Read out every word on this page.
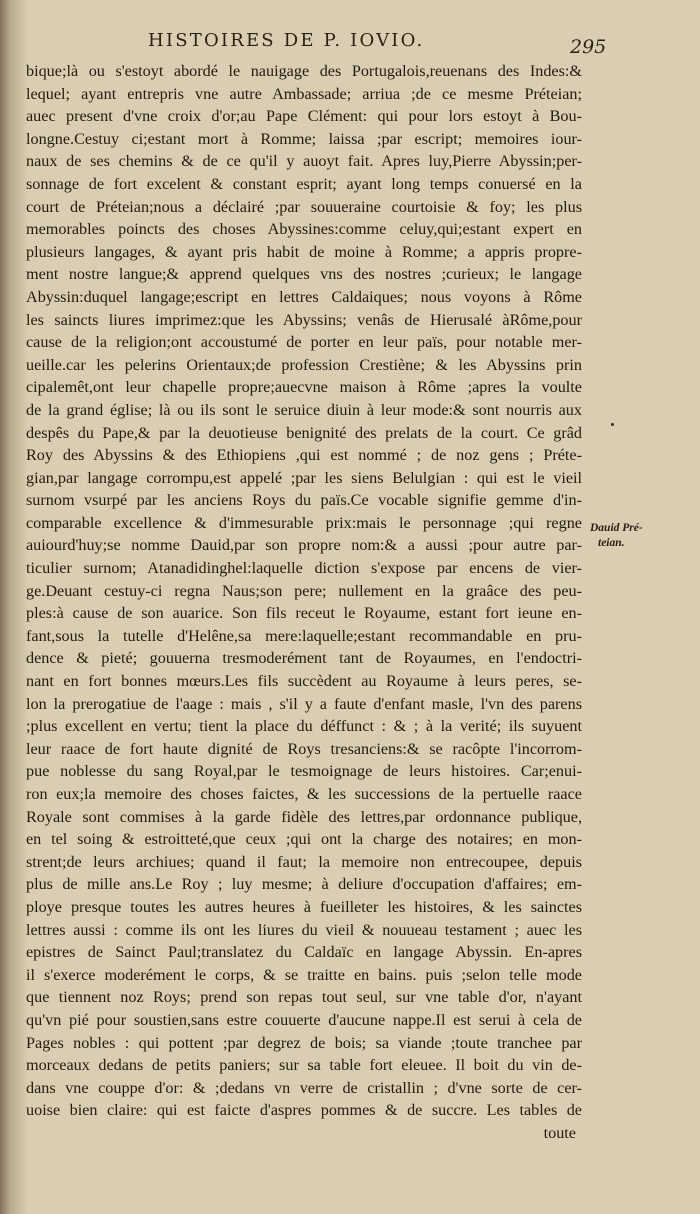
HISTOIRES DE P. IOVIO.	295
bique;là ou s'estoyt abordé le nauigage des Portugalois,reuenans des Indes:&
lequel; ayant entrepris vne autre Ambassade; arriua ;de ce mesme Préteian;
auec present d'vne croix d'or;au Pape Clément: qui pour lors estoyt à Bou-
longne.Cestuy ci;estant mort à Romme; laissa ;par escript; memoires iour-
naux de ses chemins & de ce qu'il y auoyt fait. Apres luy,Pierre Abyssin;per-
sonnage de fort excelent & constant esprit; ayant long temps conuersé en la
court de Préteian;nous a déclairé ;par souueraine courtoisie & foy; les plus
memorables poincts des choses Abyssines:comme celuy,qui;estant expert en
plusieurs langages, & ayant pris habit de moine à Romme; a appris propre-
ment nostre langue;& apprend quelques vns des nostres ;curieux; le langage
Abyssin:duquel langage;escript en lettres Caldaiques; nous voyons à Rôme
les saincts liures imprimez:que les Abyssins; venâs de Hierusalé àRôme,pour
cause de la religion;ont accoustumé de porter en leur païs, pour notable mer-
ueille.car les pelerins Orientaux;de profession Crestiène; & les Abyssins prin
cipalemêt,ont leur chapelle propre;auecvne maison à Rôme ;apres la voulte
de la grand église; là ou ils sont le seruice diuin à leur mode:& sont nourris aux
despês du Pape,& par la deuotieuse benignité des prelats de la court. Ce grâd
Roy des Abyssins & des Ethiopiens ,qui est nommé ; de noz gens ; Préte-
gian,par langage corrompu,est appelé ;par les siens Belulgian : qui est le vieil
surnom vsurpé par les anciens Roys du païs.Ce vocable signifie gemme d'in-
comparable excellence & d'immesurable prix:mais le personnage ;qui regne
auiourd'huy;se nomme Dauid,par son propre nom:& a aussi ;pour autre par-
ticulier surnom; Atanadidinghel:laquelle diction s'expose par encens de vier-
ge.Deuant cestuy-ci regna Naus;son pere; nullement en la graâce des peu-
ples:à cause de son auarice. Son fils receut le Royaume, estant fort ieune en-
fant,sous la tutelle d'Helêne,sa mere:laquelle;estant recommandable en pru-
dence & pieté; gouuerna tresmoderément tant de Royaumes, en l'endoctri-
nant en fort bonnes mœurs.Les fils succèdent au Royaume à leurs peres, se-
lon la prerogatiue de l'aage : mais , s'il y a faute d'enfant masle, l'vn des parens
;plus excellent en vertu; tient la place du déffunct : & ; à la verité; ils suyuent
leur raace de fort haute dignité de Roys tresanciens:& se racôpte l'incorrom-
pue noblesse du sang Royal,par le tesmoignage de leurs histoires. Car;enui-
ron eux;la memoire des choses faictes, & les successions de la pertuelle raace
Royale sont commises à la garde fidèle des lettres,par ordonnance publique,
en tel soing & estroitteté,que ceux ;qui ont la charge des notaires; en mon-
strent;de leurs archiues; quand il faut; la memoire non entrecoupee, depuis
plus de mille ans.Le Roy ; luy mesme; à deliure d'occupation d'affaires; em-
ploye presque toutes les autres heures à fueilleter les histoires, & les sainctes
lettres aussi : comme ils ont les liures du vieil & nouueau testament ; auec les
epistres de Sainct Paul;translatez du Caldaïc en langage Abyssin. En-apres
il s'exerce moderément le corps, & se traitte en bains. puis ;selon telle mode
que tiennent noz Roys; prend son repas tout seul, sur vne table d'or, n'ayant
qu'vn pié pour soustien,sans estre couuerte d'aucune nappe.Il est serui à cela de
Pages nobles : qui pottent ;par degrez de bois; sa viande ;toute tranchee par
morceaux dedans de petits paniers; sur sa table fort eleuee. Il boit du vin de-
dans vne couppe d'or: & ;dedans vn verre de cristallin ; d'vne sorte de cer-
uoise bien claire: qui est faicte d'aspres pommes & de succre. Les tables de
toute
Dauid Pré-
teian.
